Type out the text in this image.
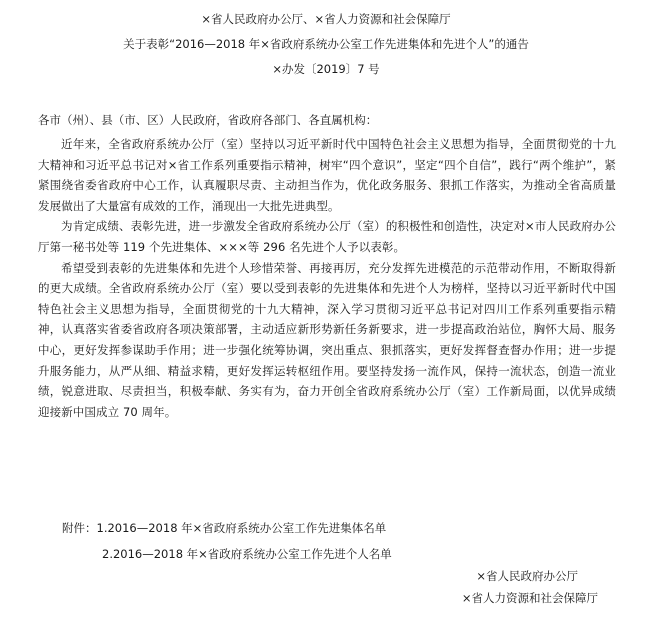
×省人民政府办公厅、×省人力资源和社会保障厅
关于表彰“2016—2018 年×省政府系统办公室工作先进集体和先进个人”的通告
×办发〔2019〕7 号
各市（州）、县（市、区）人民政府，省政府各部门、各直属机构：

近年来，全省政府系统办公厅（室）坚持以习近平新时代中国特色社会主义思想为指导，全面贯彻党的十九大精神和习近平总书记对×省工作系列重要指示精神，树牢“四个意识”，坚定“四个自信”，践行“两个维护”，紧紧围绕省委省政府中心工作，认真履职尽责、主动担当作为，优化政务服务、狠抓工作落实，为推动全省高质量发展做出了大量富有成效的工作，涌现出一大批先进典型。

为肯定成绩、表彰先进，进一步激发全省政府系统办公厅（室）的积极性和创造性，决定对×市人民政府办公厅第一秘书处等 119 个先进集体、×××等 296 名先进个人予以表彰。

希望受到表彰的先进集体和先进个人珍惜荣誉、再接再厉，充分发挥先进模范的示范带动作用，不断取得新的更大成绩。全省政府系统办公厅（室）要以受到表彰的先进集体和先进个人为榜样，坚持以习近平新时代中国特色社会主义思想为指导，全面贯彻党的十九大精神，深入学习贯彻习近平总书记对四川工作系列重要指示精神，认真落实省委省政府各项决策部署，主动适应新形势新任务新要求，进一步提高政治站位，胸怀大局、服务中心，更好发挥参谋助手作用；进一步强化统筹协调，突出重点、狠抓落实，更好发挥督查督办作用；进一步提升服务能力，从严从细、精益求精，更好发挥运转枢纽作用。要坚持发扬一流作风，保持一流状态，创造一流业绩，锐意进取、尽责担当，积极奉献、务实有为，奋力开创全省政府系统办公厅（室）工作新局面，以优异成绩迎接新中国成立 70 周年。

附件：1.2016—2018 年×省政府系统办公室工作先进集体名单
2.2016—2018 年×省政府系统办公室工作先进个人名单
×省人民政府办公厅
×省人力资源和社会保障厅
